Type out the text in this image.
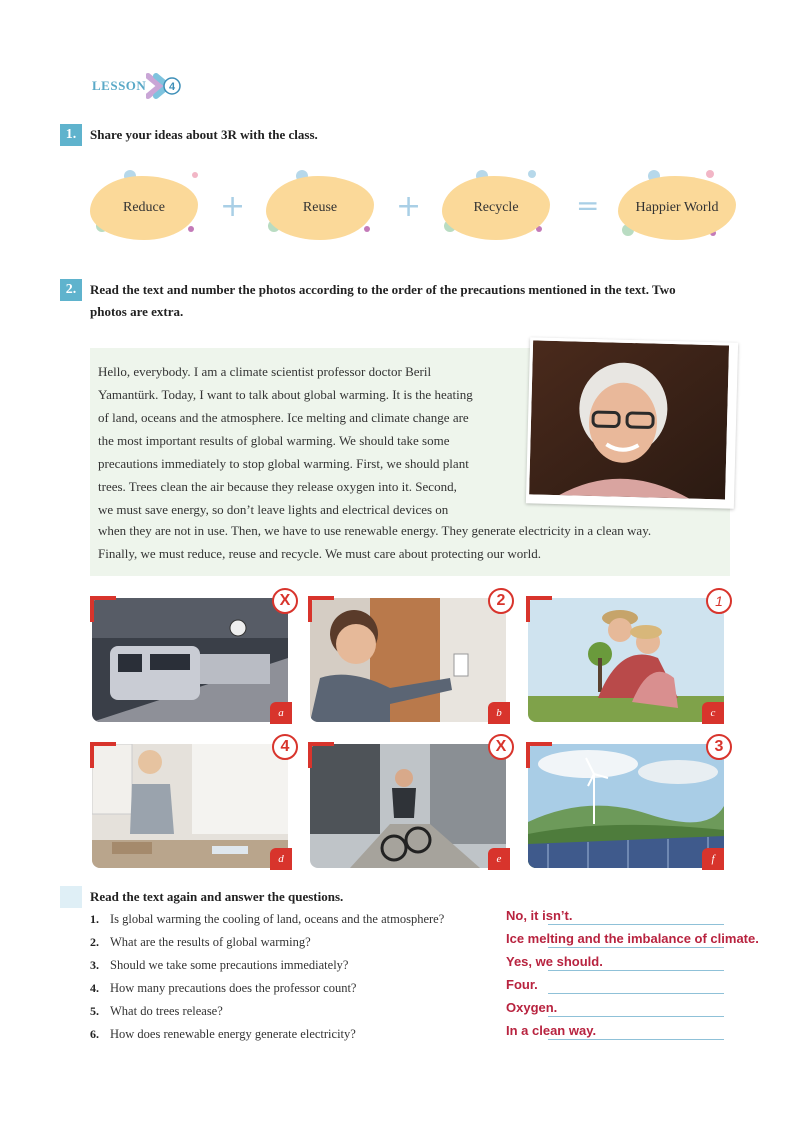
LESSON 4
1.	Share your ideas about 3R with the class.
Reduce	+	Reuse	+	Recycle	=	Happier World
2.	Read the text and number the photos according to the order of the precautions mentioned in the text. Two
photos are extra.
Hello, everybody. I am a climate scientist professor doctor Beril
Yamantürk. Today, I want to talk about global warming. It is the heating
of land, oceans and the atmosphere. Ice melting and climate change are
the most important results of global warming. We should take some
precautions immediately to stop global warming. First, we should plant
trees. Trees clean the air because they release oxygen into it. Second,
we must save energy, so don’t leave lights and electrical devices on
when they are not in use. Then, we have to use renewable energy. They generate electricity in a clean way.
Finally, we must reduce, reuse and recycle. We must care about protecting our world.
a
X
b
2
c
1
d
4
e
X
f
3
Read the text again and answer the questions.
1. Is global warming the cooling of land, oceans and the atmosphere?	No, it isn’t.
2. What are the results of global warming?	Ice melting and the imbalance of climate.
3. Should we take some precautions immediately?	Yes, we should.
4. How many precautions does the professor count?	Four.
5. What do trees release?	Oxygen.
6. How does renewable energy generate electricity?	In a clean way.
